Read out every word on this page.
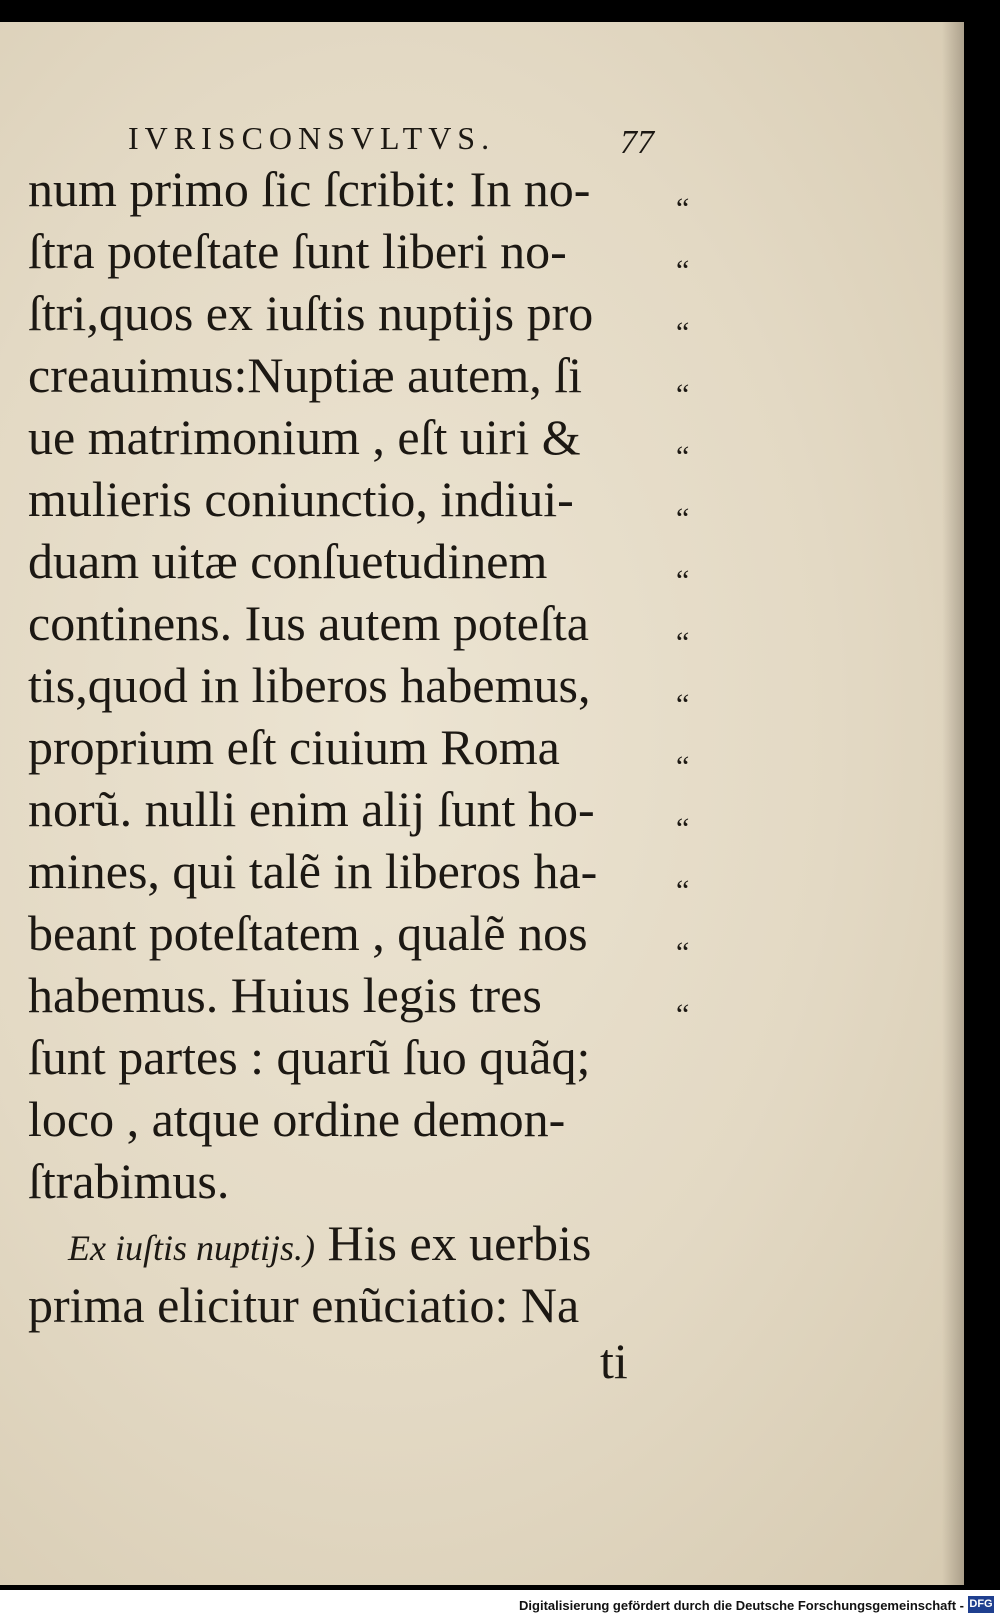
IVRISCONSVLTVS.	77
num primo ſic ſcribit: In no-
ſtra poteſtate ſunt liberi no-
ſtri,quos ex iuſtis nuptijs pro
creauimus:Nuptiæ autem, ſi
ue matrimonium , eſt uiri &
mulieris coniunctio, indiui-
duam uitæ conſuetudinem
continens. Ius autem poteſta
tis,quod in liberos habemus,
proprium eſt ciuium Roma
norũ. nulli enim alij ſunt ho-
mines, qui talẽ in liberos ha-
beant poteſtatem , qualẽ nos
habemus. Huius legis tres
ſunt partes : quarũ ſuo quãq;
loco , atque ordine demon-
ſtrabimus.
Ex iuſtis nuptijs.) His ex uerbis
prima elicitur enũciatio: Na
“
“
“
“
“
“
“
“
“
“
“
“
“
“
ti
Digitalisierung gefördert durch die Deutsche Forschungsgemeinschaft - DFG
